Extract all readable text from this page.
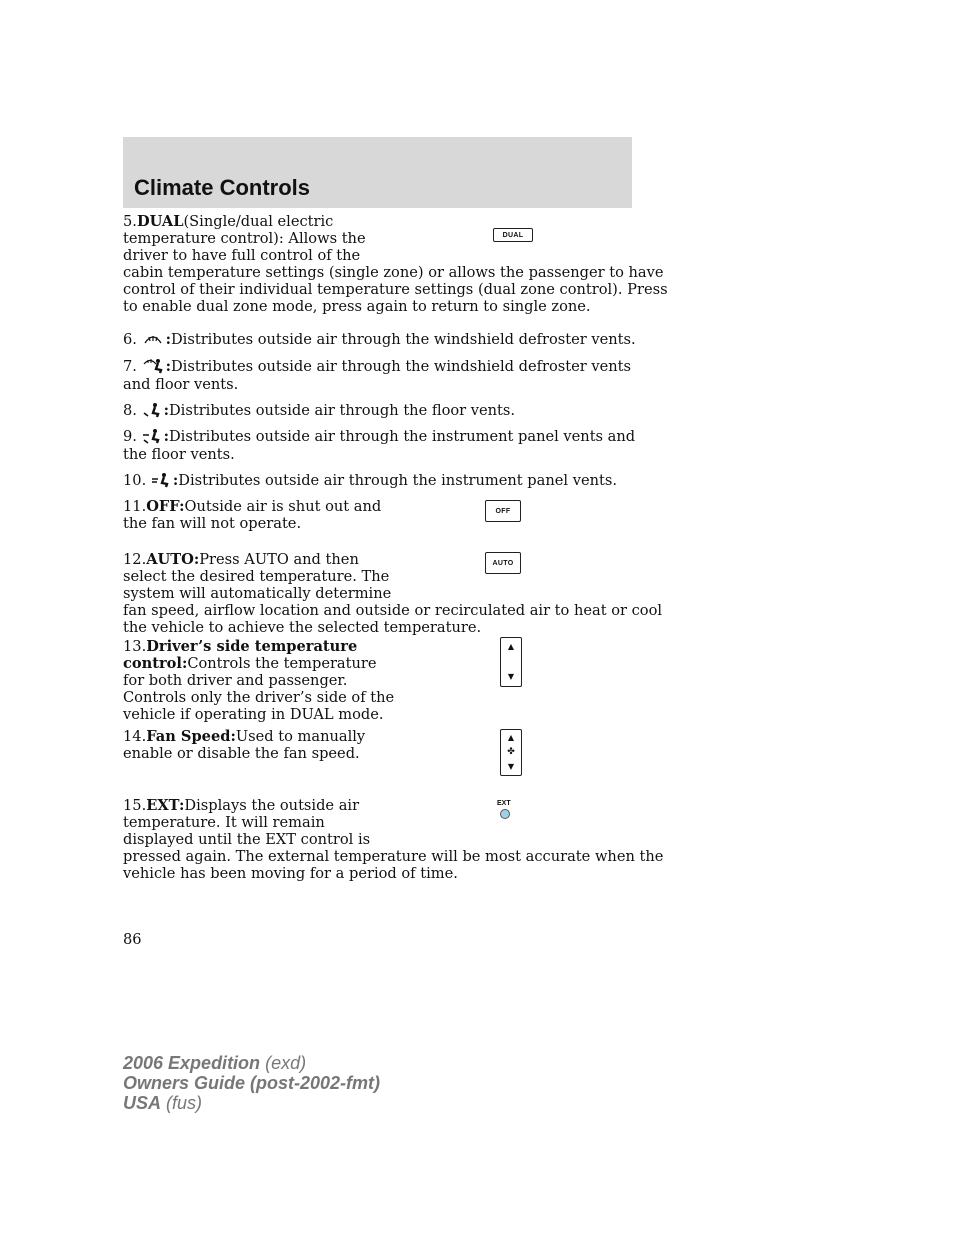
Climate Controls
5.DUAL(Single/dual electric
temperature control): Allows the
driver to have full control of the
cabin temperature settings (single zone) or allows the passenger to have
control of their individual temperature settings (dual zone control). Press
to enable dual zone mode, press again to return to single zone.
DUAL
6. :Distributes outside air through the windshield defroster vents.
7. :Distributes outside air through the windshield defroster vents
and floor vents.
8. :Distributes outside air through the floor vents.
9. :Distributes outside air through the instrument panel vents and
the floor vents.
10. :Distributes outside air through the instrument panel vents.
11.OFF:Outside air is shut out and
the fan will not operate.
OFF
12.AUTO:Press AUTO and then
select the desired temperature. The
system will automatically determine
fan speed, airflow location and outside or recirculated air to heat or cool
the vehicle to achieve the selected temperature.
AUTO
13.Driver’s side temperature
control:Controls the temperature
for both driver and passenger.
Controls only the driver’s side of the
vehicle if operating in DUAL mode.
▲
▼
14.Fan Speed:Used to manually
enable or disable the fan speed.
▲
✤
▼
15.EXT:Displays the outside air
temperature. It will remain
displayed until the EXT control is
pressed again. The external temperature will be most accurate when the
vehicle has been moving for a period of time.
EXT
86
2006 Expedition (exd)
Owners Guide (post-2002-fmt)
USA (fus)
